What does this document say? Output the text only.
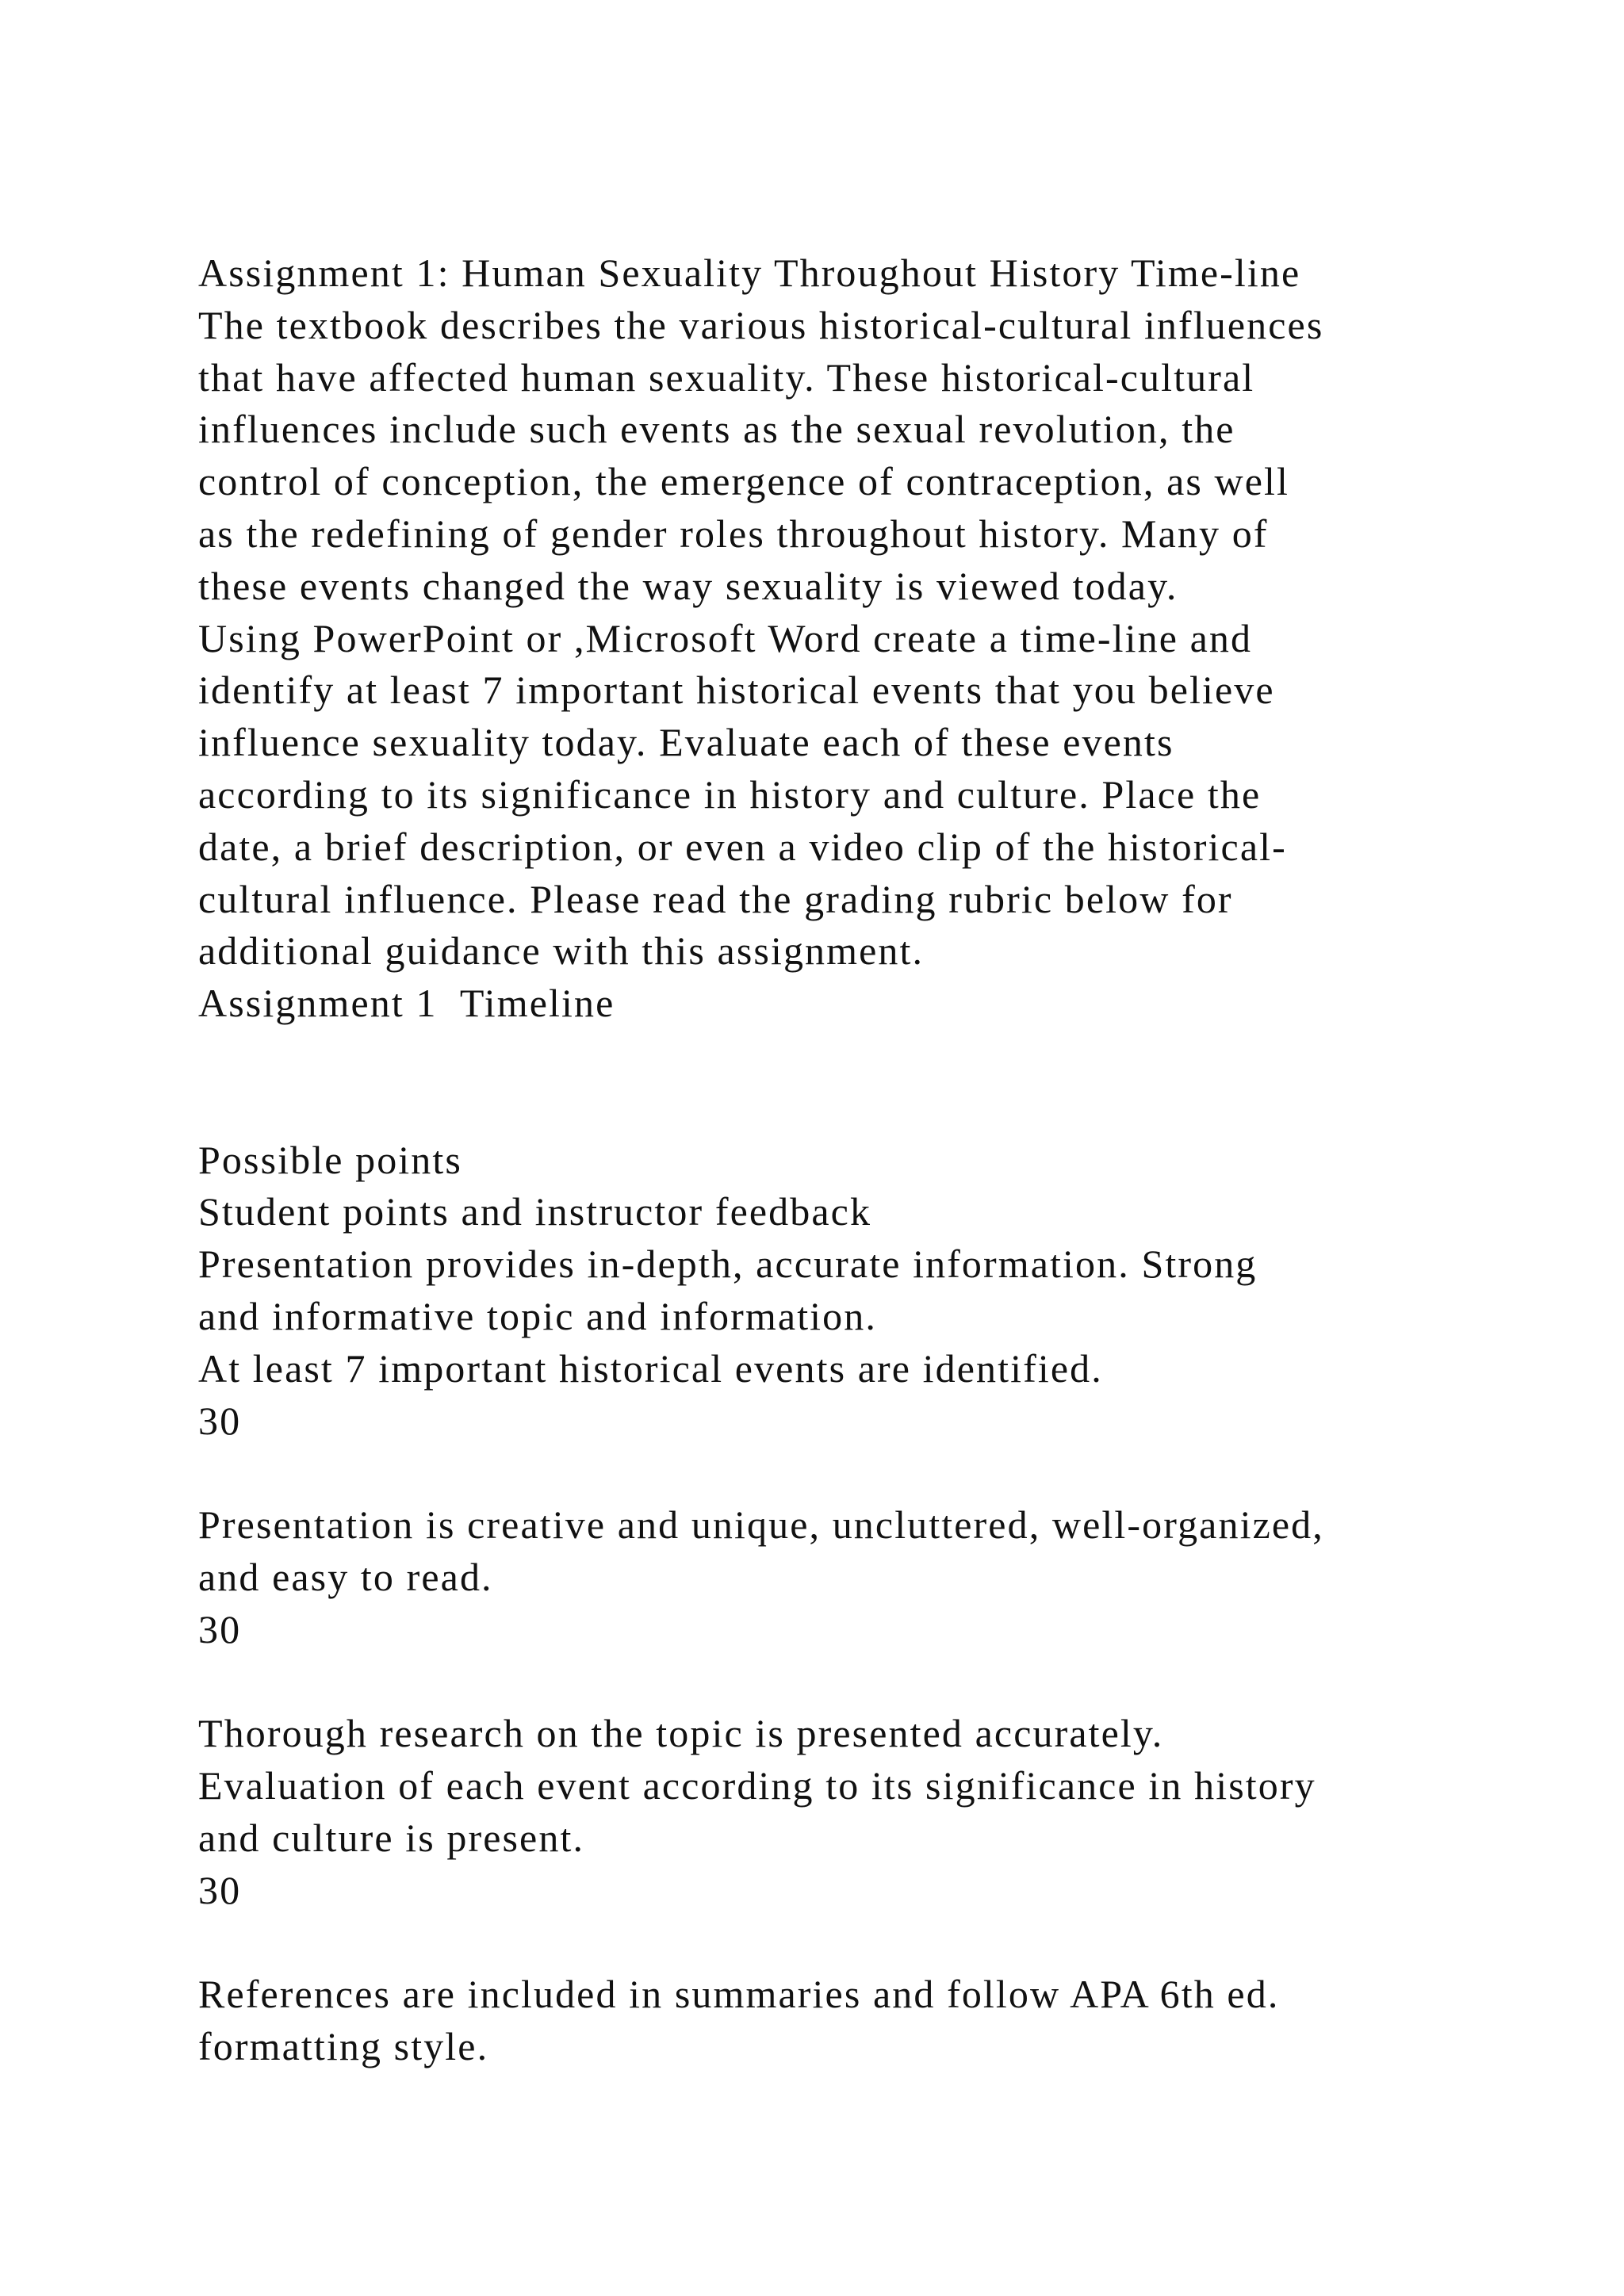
Assignment 1: Human Sexuality Throughout History Time-line
The textbook describes the various historical-cultural influences
that have affected human sexuality. These historical-cultural
influences include such events as the sexual revolution, the
control of conception, the emergence of contraception, as well
as the redefining of gender roles throughout history. Many of
these events changed the way sexuality is viewed today.
Using PowerPoint or ,Microsoft Word create a time-line and
identify at least 7 important historical events that you believe
influence sexuality today. Evaluate each of these events
according to its significance in history and culture. Place the
date, a brief description, or even a video clip of the historical-
cultural influence. Please read the grading rubric below for
additional guidance with this assignment.
Assignment 1  Timeline
Possible points
Student points and instructor feedback
Presentation provides in-depth, accurate information. Strong
and informative topic and information.
At least 7 important historical events are identified.
30
Presentation is creative and unique, uncluttered, well-organized,
and easy to read.
30
Thorough research on the topic is presented accurately.
Evaluation of each event according to its significance in history
and culture is present.
30
References are included in summaries and follow APA 6th ed.
formatting style.
